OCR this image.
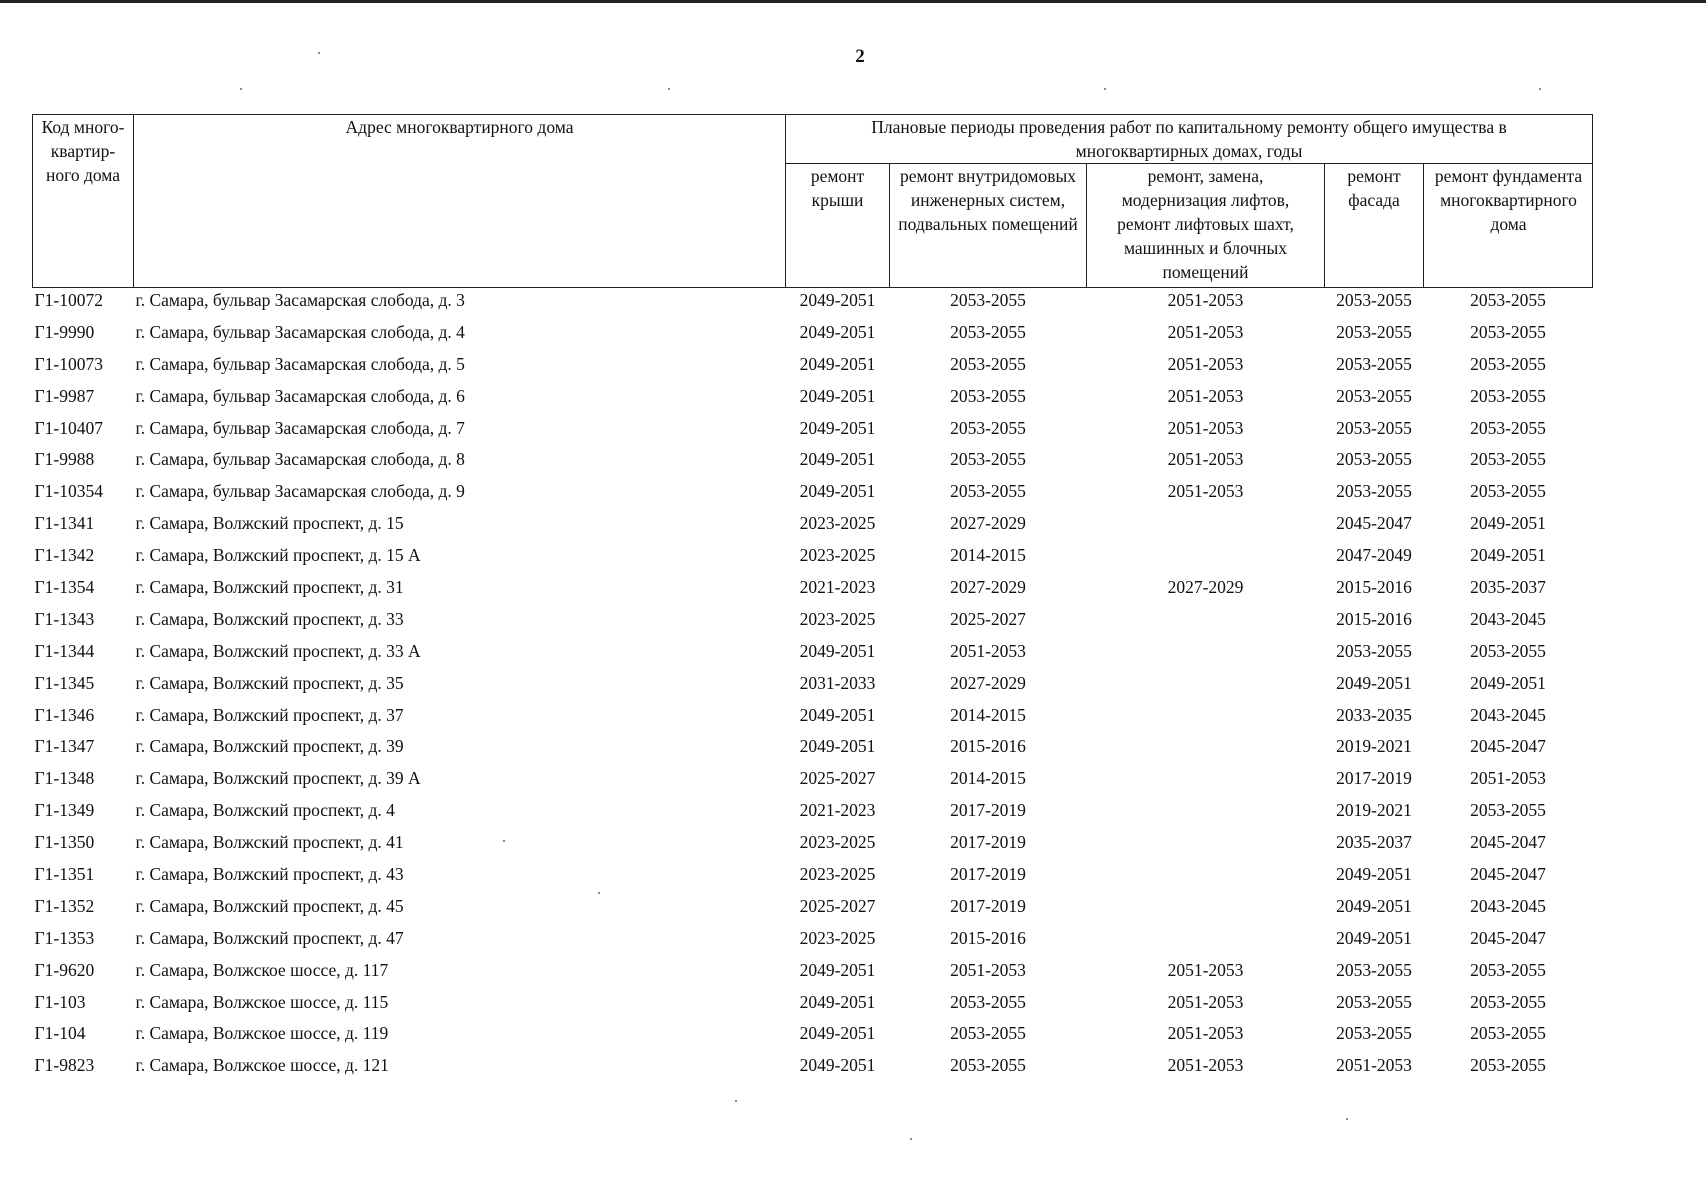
2
Код много-квартир-ного дома	Адрес многоквартирного дома	Плановые периоды проведения работ по капитальному ремонту общего имущества в многоквартирных домах, годы				

		ремонт крыши	ремонт внутридомовых инженерных систем, подвальных помещений	ремонт, замена, модернизация лифтов, ремонт лифтовых шахт, машинных и блочных помещений	ремонт фасада	ремонт фундамента многоквартирного дома

Г1-10072	г. Самара, бульвар Засамарская слобода, д. 3	2049-2051	2053-2055	2051-2053	2053-2055	2053-2055
Г1-9990	г. Самара, бульвар Засамарская слобода, д. 4	2049-2051	2053-2055	2051-2053	2053-2055	2053-2055
Г1-10073	г. Самара, бульвар Засамарская слобода, д. 5	2049-2051	2053-2055	2051-2053	2053-2055	2053-2055
Г1-9987	г. Самара, бульвар Засамарская слобода, д. 6	2049-2051	2053-2055	2051-2053	2053-2055	2053-2055
Г1-10407	г. Самара, бульвар Засамарская слобода, д. 7	2049-2051	2053-2055	2051-2053	2053-2055	2053-2055
Г1-9988	г. Самара, бульвар Засамарская слобода, д. 8	2049-2051	2053-2055	2051-2053	2053-2055	2053-2055
Г1-10354	г. Самара, бульвар Засамарская слобода, д. 9	2049-2051	2053-2055	2051-2053	2053-2055	2053-2055
Г1-1341	г. Самара, Волжский проспект, д. 15	2023-2025	2027-2029		2045-2047	2049-2051
Г1-1342	г. Самара, Волжский проспект, д. 15 А	2023-2025	2014-2015		2047-2049	2049-2051
Г1-1354	г. Самара, Волжский проспект, д. 31	2021-2023	2027-2029	2027-2029	2015-2016	2035-2037
Г1-1343	г. Самара, Волжский проспект, д. 33	2023-2025	2025-2027		2015-2016	2043-2045
Г1-1344	г. Самара, Волжский проспект, д. 33 А	2049-2051	2051-2053		2053-2055	2053-2055
Г1-1345	г. Самара, Волжский проспект, д. 35	2031-2033	2027-2029		2049-2051	2049-2051
Г1-1346	г. Самара, Волжский проспект, д. 37	2049-2051	2014-2015		2033-2035	2043-2045
Г1-1347	г. Самара, Волжский проспект, д. 39	2049-2051	2015-2016		2019-2021	2045-2047
Г1-1348	г. Самара, Волжский проспект, д. 39 А	2025-2027	2014-2015		2017-2019	2051-2053
Г1-1349	г. Самара, Волжский проспект, д. 4	2021-2023	2017-2019		2019-2021	2053-2055
Г1-1350	г. Самара, Волжский проспект, д. 41	2023-2025	2017-2019		2035-2037	2045-2047
Г1-1351	г. Самара, Волжский проспект, д. 43	2023-2025	2017-2019		2049-2051	2045-2047
Г1-1352	г. Самара, Волжский проспект, д. 45	2025-2027	2017-2019		2049-2051	2043-2045
Г1-1353	г. Самара, Волжский проспект, д. 47	2023-2025	2015-2016		2049-2051	2045-2047
Г1-9620	г. Самара, Волжское шоссе, д. 117	2049-2051	2051-2053	2051-2053	2053-2055	2053-2055
Г1-103	г. Самара, Волжское шоссе, д. 115	2049-2051	2053-2055	2051-2053	2053-2055	2053-2055
Г1-104	г. Самара, Волжское шоссе, д. 119	2049-2051	2053-2055	2051-2053	2053-2055	2053-2055
Г1-9823	г. Самара, Волжское шоссе, д. 121	2049-2051	2053-2055	2051-2053	2051-2053	2053-2055
